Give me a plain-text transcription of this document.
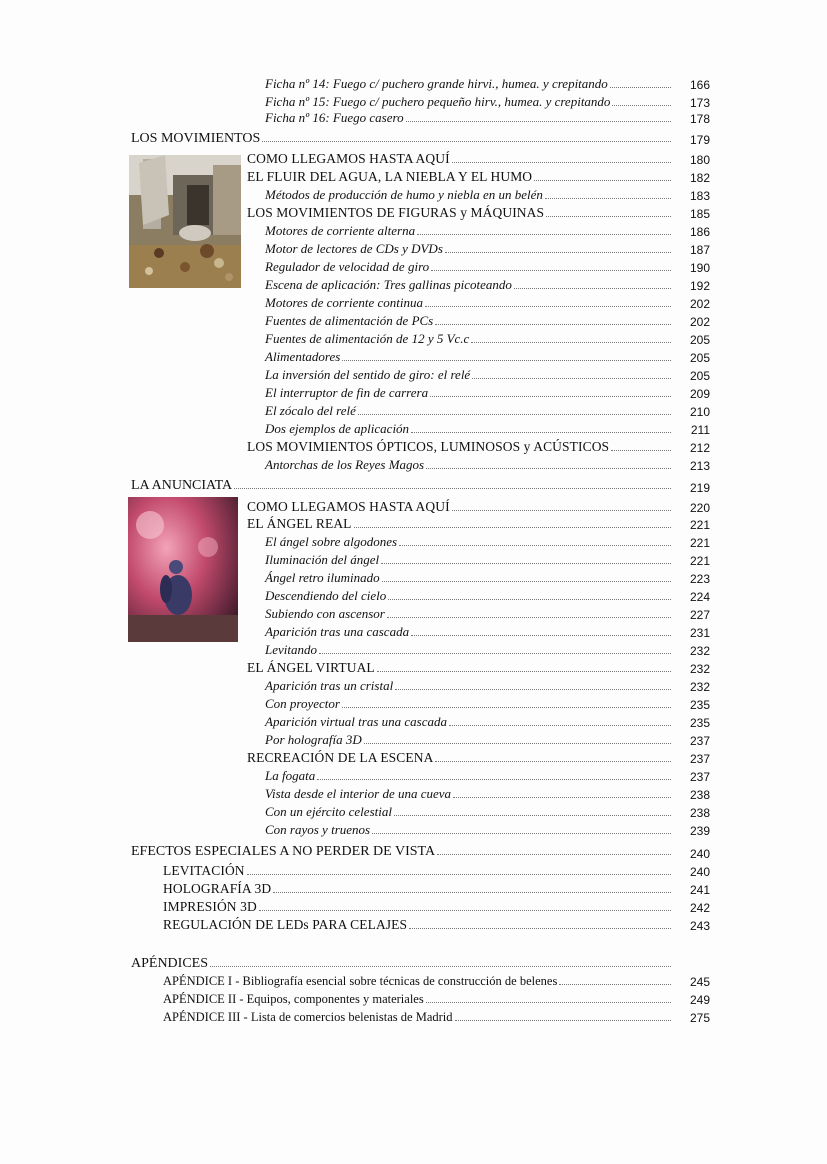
Ficha nº 14: Fuego c/ puchero grande hirvi., humea. y crepitando	166
Ficha nº 15: Fuego c/ puchero pequeño hirv., humea. y crepitando	173
Ficha nº 16: Fuego casero	178
LOS MOVIMIENTOS	179
COMO LLEGAMOS HASTA AQUÍ	180
EL FLUIR DEL AGUA, LA NIEBLA Y EL HUMO	182
Métodos de producción de humo y niebla en un belén	183
LOS MOVIMIENTOS DE FIGURAS y MÁQUINAS	185
Motores de corriente alterna	186
Motor de lectores de CDs y DVDs	187
Regulador de velocidad de giro	190
Escena de aplicación: Tres gallinas picoteando	192
Motores de corriente continua	202
Fuentes de alimentación de PCs	202
Fuentes de alimentación de 12 y 5 Vc.c	205
Alimentadores	205
La inversión del sentido de giro: el relé	205
El interruptor de fin de carrera	209
El zócalo del relé	210
Dos ejemplos de aplicación	211
LOS MOVIMIENTOS ÓPTICOS, LUMINOSOS y ACÚSTICOS	212
Antorchas de los Reyes Magos	213
LA ANUNCIATA	219
COMO LLEGAMOS HASTA AQUÍ	220
EL ÁNGEL REAL	221
El ángel sobre algodones	221
Iluminación del ángel	221
Ángel retro iluminado	223
Descendiendo del cielo	224
Subiendo con ascensor	227
Aparición tras una cascada	231
Levitando	232
EL ÁNGEL VIRTUAL	232
Aparición tras un cristal	232
Con proyector	235
Aparición virtual tras una cascada	235
Por holografía 3D	237
RECREACIÓN DE LA ESCENA	237
La fogata	237
Vista desde el interior de una cueva	238
Con un ejército celestial	238
Con rayos y truenos	239
EFECTOS ESPECIALES A NO PERDER DE VISTA	240
LEVITACIÓN	240
HOLOGRAFÍA 3D	241
IMPRESIÓN 3D	242
REGULACIÓN DE LEDs PARA CELAJES	243
APÉNDICES
APÉNDICE I - Bibliografía esencial sobre técnicas de construcción de belenes	245
APÉNDICE II - Equipos, componentes y materiales	249
APÉNDICE III - Lista de comercios belenistas de Madrid	275
